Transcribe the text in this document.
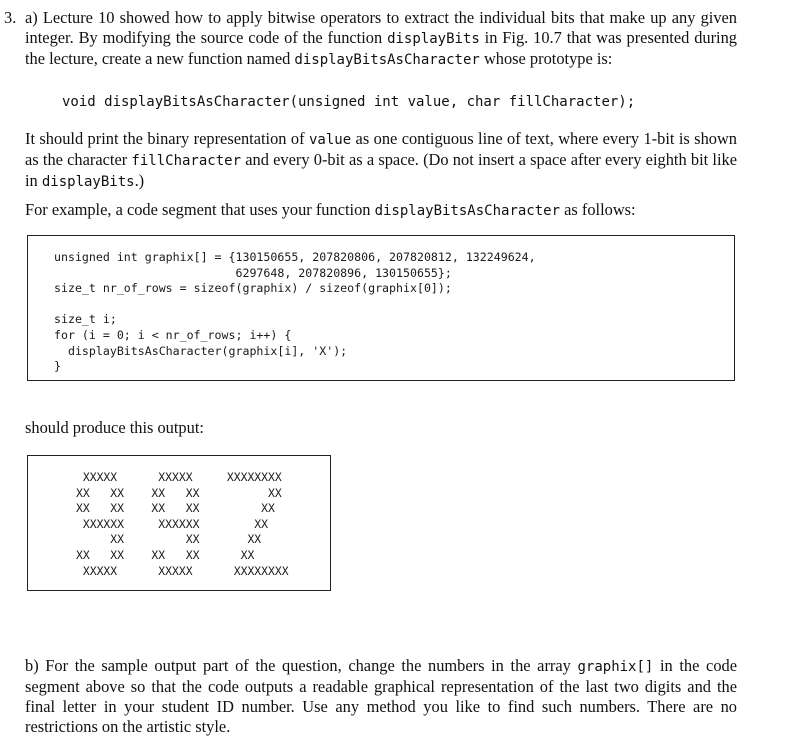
3. a) Lecture 10 showed how to apply bitwise operators to extract the individual bits that make up any given integer. By modifying the source code of the function displayBits in Fig. 10.7 that was presented during the lecture, create a new function named displayBitsAsCharacter whose prototype is:

void displayBitsAsCharacter(unsigned int value, char fillCharacter);

It should print the binary representation of value as one contiguous line of text, where every 1-bit is shown as the character fillCharacter and every 0-bit as a space. (Do not insert a space after every eighth bit like in displayBits.)

For example, a code segment that uses your function displayBitsAsCharacter as follows:

unsigned int graphix[] = {130150655, 207820806, 207820812, 132249624,
6297648, 207820896, 130150655};
size_t nr_of_rows = sizeof(graphix) / sizeof(graphix[0]);
size_t i;
for (i = 0; i < nr_of_rows; i++) {
displayBitsAsCharacter(graphix[i], 'X');
}

should produce this output:

XXXXX      XXXXX     XXXXXXXX
XX   XX    XX   XX          XX
XX   XX    XX   XX         XX
XXXXXX     XXXXXX        XX
XX         XX       XX
XX   XX    XX   XX      XX
XXXXX      XXXXX      XXXXXXXX

b) For the sample output part of the question, change the numbers in the array graphix[] in the code segment above so that the code outputs a readable graphical representation of the last two digits and the final letter in your student ID number. Use any method you like to find such numbers. There are no restrictions on the artistic style.
